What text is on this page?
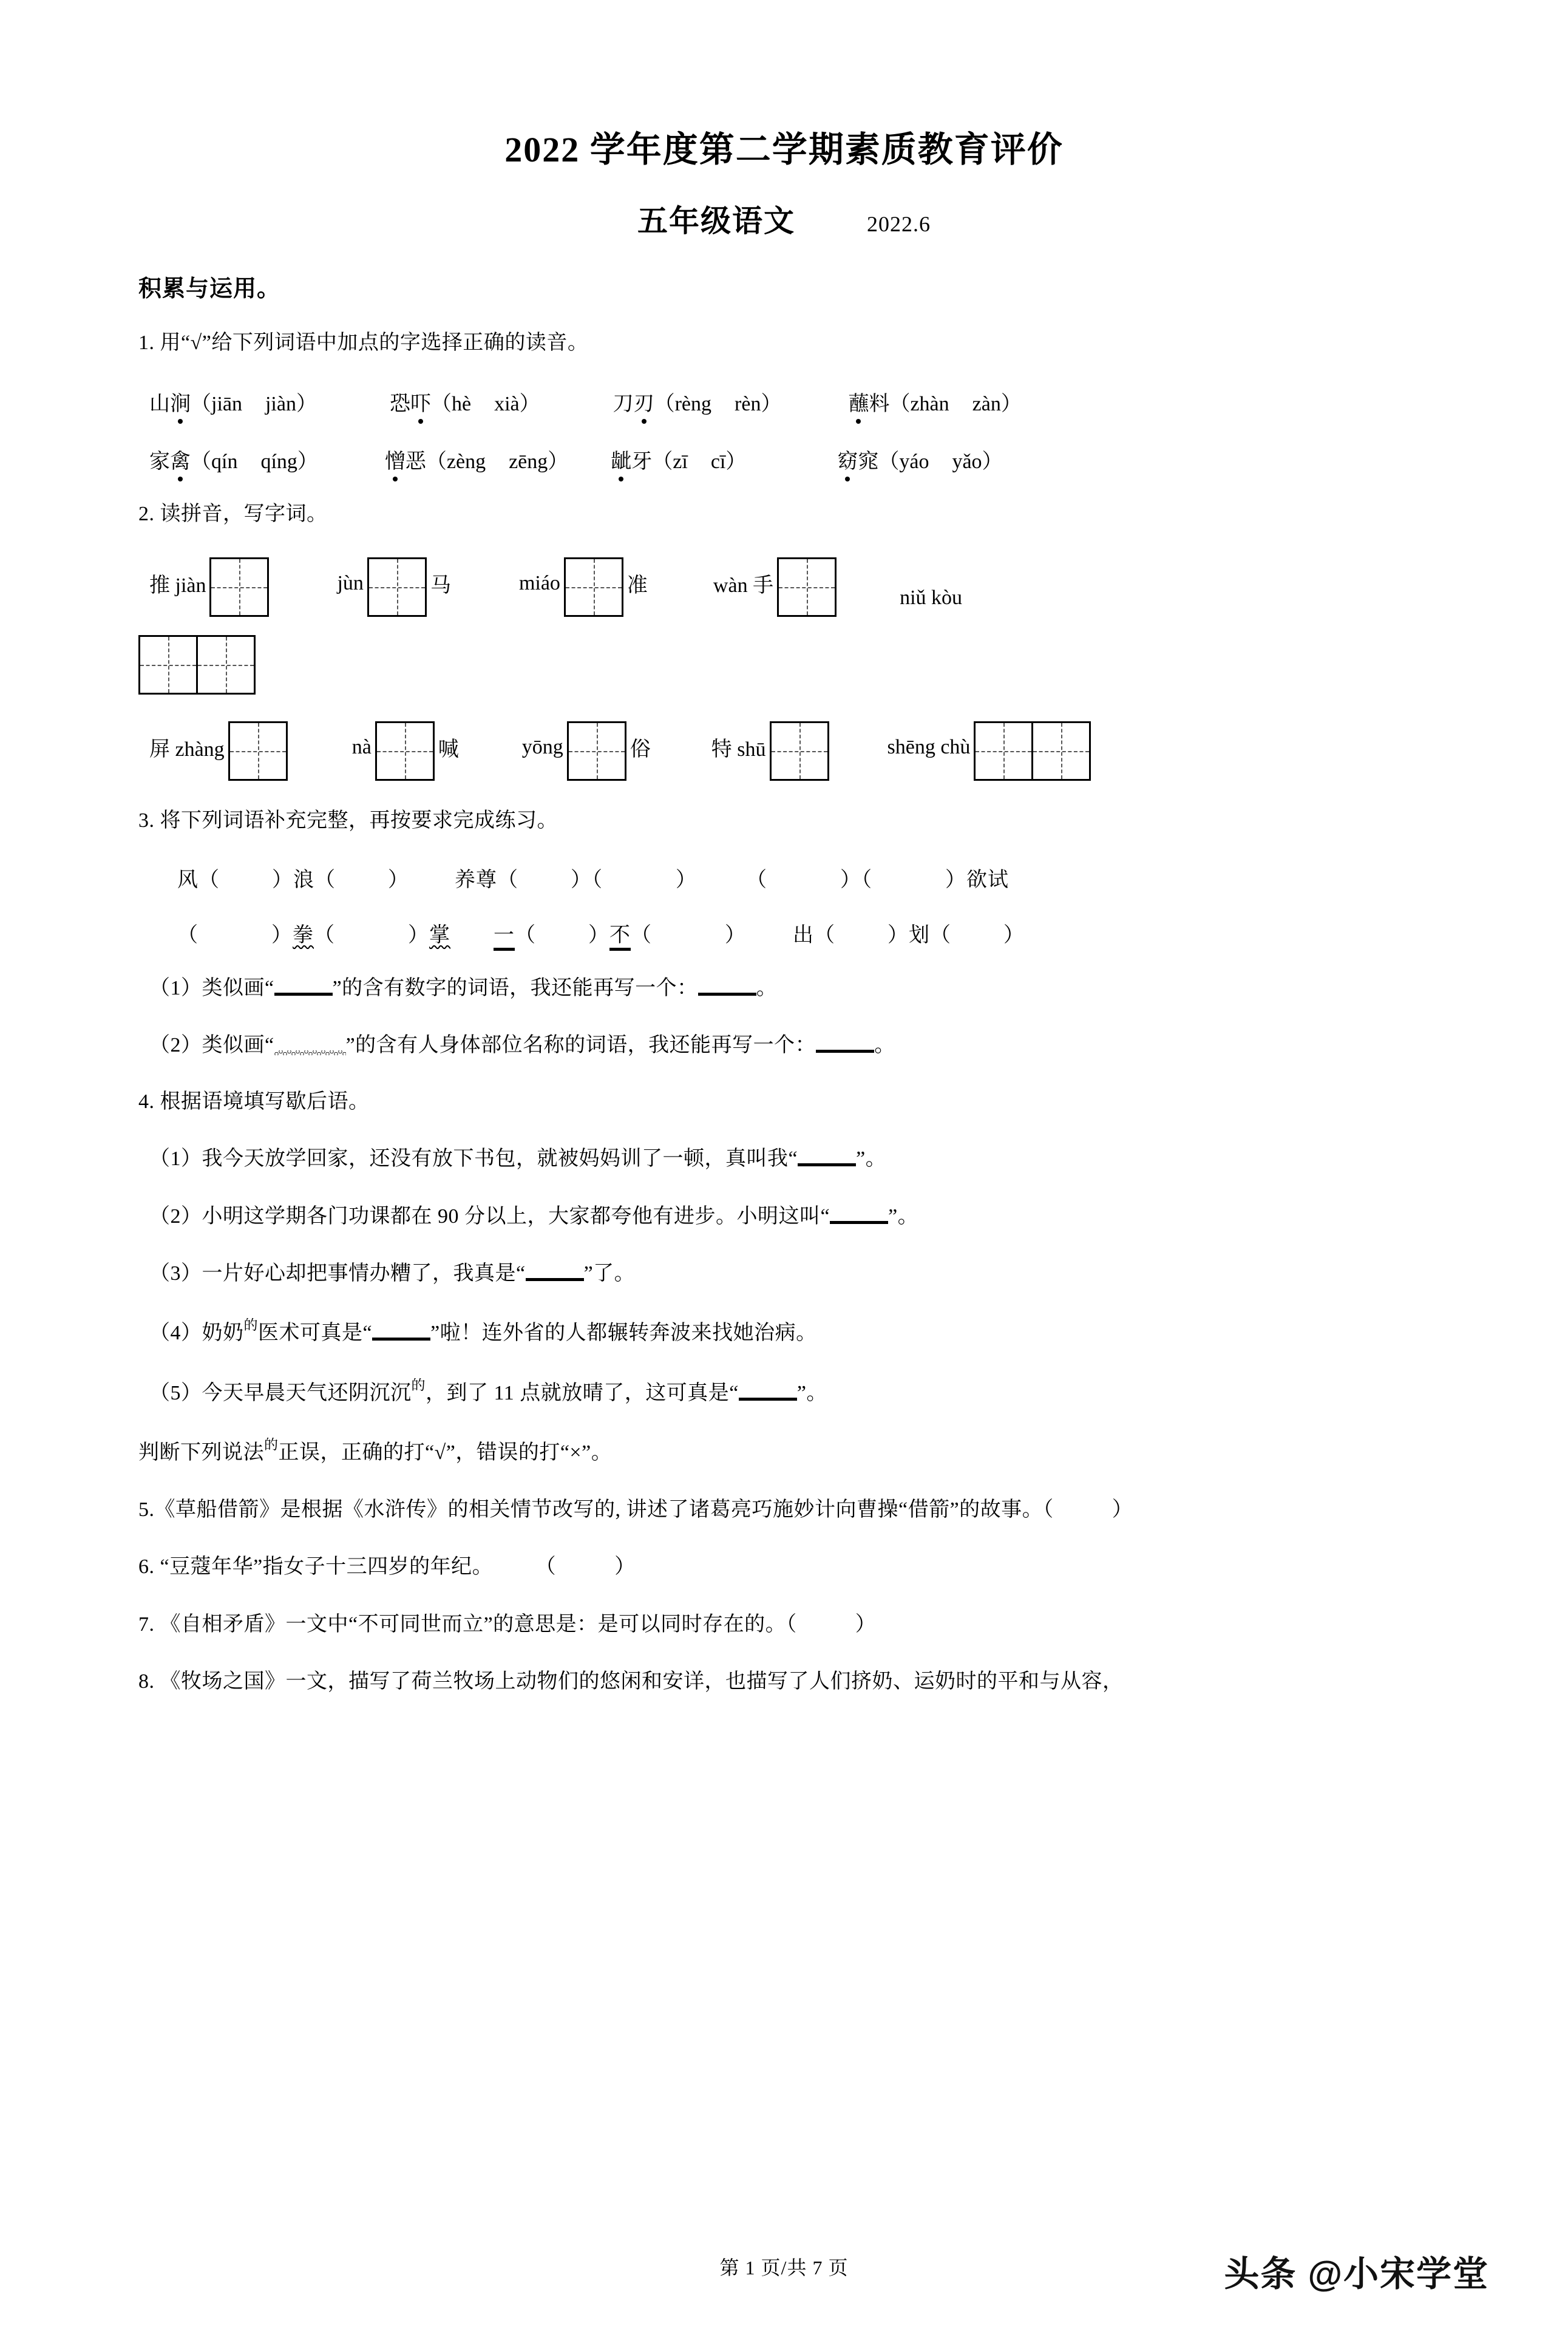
2022 学年度第二学期素质教育评价
五年级语文	2022.6
积累与运用。
1. 用“√”给下列词语中加点的字选择正确的读音。
山涧（jiān jiàn）	恐吓（hè xià）	刀刃（rèng rèn）	蘸料（zhàn zàn）
家禽（qín qíng）	憎恶（zèng zēng） 龇牙（zī cī）	窈窕（yáo yǎo）
2. 读拼音，写字词。
推 jiàn	jùn	马	miáo	准	wàn 手
niǔ kòu
屏 zhàng	nà	喊	yōng	俗	特 shū	shēng chù
3. 将下列词语补充完整，再按要求完成练习。
风（	）浪（	） 养尊（	）（	） （	）（	）欲试
（	）拳（	）掌 一（	）不（	） 出（	）划（	）
（1）类似画“	”的含有数字的词语，我还能再写一个：	。
（2）类似画“	”的含有人身体部位名称的词语，我还能再写一个：	。
4. 根据语境填写歇后语。
（1）我今天放学回家，还没有放下书包，就被妈妈训了一顿，真叫我“	”。
（2）小明这学期各门功课都在 90 分以上，大家都夸他有进步。小明这叫“	”。
（3）一片好心却把事情办糟了，我真是“	”了。
（4）奶奶的医术可真是“	”啦！连外省的人都辗转奔波来找她治病。
（5）今天早晨天气还阴沉沉的，到了 11 点就放晴了，这可真是“	”。
判断下列说法的正误，正确的打“√”，错误的打“×”。
5.《草船借箭》是根据《水浒传》的相关情节改写的, 讲述了诸葛亮巧施妙计向曹操“借箭”的故事。（	）
6. “豆蔻年华”指女子十三四岁的年纪。　　　（	）
7. 《自相矛盾》一文中“不可同世而立”的意思是：是可以同时存在的。（	）
8. 《牧场之国》一文，描写了荷兰牧场上动物们的悠闲和安详，也描写了人们挤奶、运奶时的平和与从容，
第 1 页/共 7 页	头条 @小宋学堂
